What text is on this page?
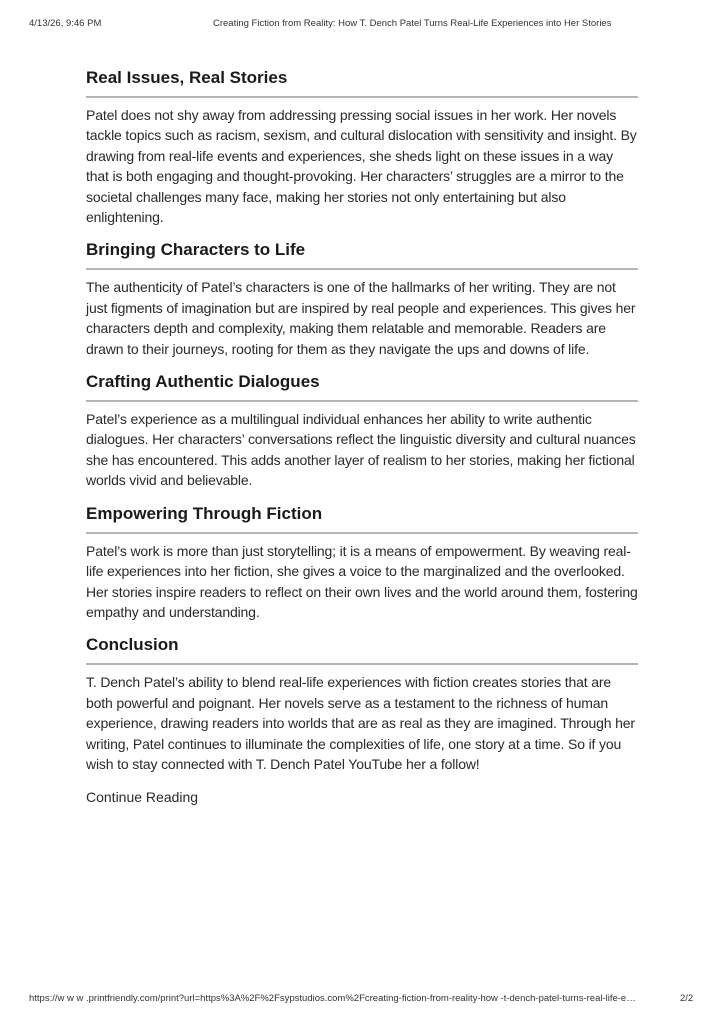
4/13/26, 9:46 PM	Creating Fiction from Reality: How T. Dench Patel Turns Real-Life Experiences into Her Stories
Real Issues, Real Stories

Patel does not shy away from addressing pressing social issues in her work. Her novels tackle topics such as racism, sexism, and cultural dislocation with sensitivity and insight. By drawing from real-life events and experiences, she sheds light on these issues in a way that is both engaging and thought-provoking. Her characters’ struggles are a mirror to the societal challenges many face, making her stories not only entertaining but also enlightening.

Bringing Characters to Life

The authenticity of Patel’s characters is one of the hallmarks of her writing. They are not just figments of imagination but are inspired by real people and experiences. This gives her characters depth and complexity, making them relatable and memorable. Readers are drawn to their journeys, rooting for them as they navigate the ups and downs of life.

Crafting Authentic Dialogues

Patel’s experience as a multilingual individual enhances her ability to write authentic dialogues. Her characters’ conversations reflect the linguistic diversity and cultural nuances she has encountered. This adds another layer of realism to her stories, making her fictional worlds vivid and believable.

Empowering Through Fiction

Patel’s work is more than just storytelling; it is a means of empowerment. By weaving real-life experiences into her fiction, she gives a voice to the marginalized and the overlooked. Her stories inspire readers to reflect on their own lives and the world around them, fostering empathy and understanding.

Conclusion

T. Dench Patel’s ability to blend real-life experiences with fiction creates stories that are both powerful and poignant. Her novels serve as a testament to the richness of human experience, drawing readers into worlds that are as real as they are imagined. Through her writing, Patel continues to illuminate the complexities of life, one story at a time. So if you wish to stay connected with T. Dench Patel YouTube her a follow!

Continue Reading
https://w w w .printfriendly.com/print?url=https%3A%2F%2Fsypstudios.com%2Fcreating-fiction-from-reality-how -t-dench-patel-turns-real-life-e…	2/2
